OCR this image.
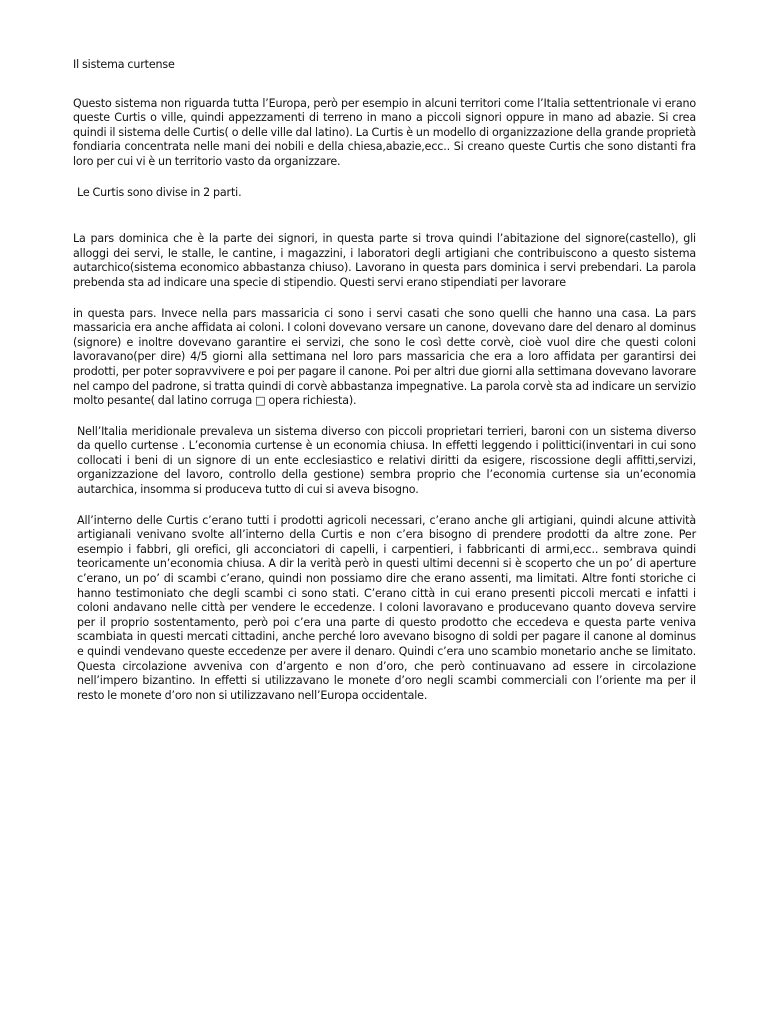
Il sistema curtense

Questo sistema non riguarda tutta l’Europa, però per esempio in alcuni territori come l’Italia settentrionale vi erano queste Curtis o ville, quindi appezzamenti di terreno in mano a piccoli signori oppure in mano ad abazie. Si crea quindi il sistema delle Curtis( o delle ville dal latino). La Curtis è un modello di organizzazione della grande proprietà fondiaria concentrata nelle mani dei nobili e della chiesa,abazie,ecc.. Si creano queste Curtis che sono distanti fra loro per cui vi è un territorio vasto da organizzare.

Le Curtis sono divise in 2 parti.

La pars dominica che è la parte dei signori, in questa parte si trova quindi l’abitazione del signore(castello), gli alloggi dei servi, le stalle, le cantine, i magazzini, i laboratori degli artigiani che contribuiscono a questo sistema autarchico(sistema economico abbastanza chiuso). Lavorano in questa pars dominica i servi prebendari. La parola prebenda sta ad indicare una specie di stipendio. Questi servi erano stipendiati per lavorare

in questa pars. Invece nella pars massaricia ci sono i servi casati che sono quelli che hanno una casa. La pars massaricia era anche affidata ai coloni. I coloni dovevano versare un canone, dovevano dare del denaro al dominus (signore) e inoltre dovevano garantire ei servizi, che sono le così dette corvè, cioè vuol dire che questi coloni lavoravano(per dire) 4/5 giorni alla settimana nel loro pars massaricia che era a loro affidata per garantirsi dei prodotti, per poter sopravvivere e poi per pagare il canone. Poi per altri due giorni alla settimana dovevano lavorare nel campo del padrone, si tratta quindi di corvè abbastanza impegnative. La parola corvè sta ad indicare un servizio molto pesante( dal latino corruga □ opera richiesta).

Nell’Italia meridionale prevaleva un sistema diverso con piccoli proprietari terrieri, baroni con un sistema diverso da quello curtense . L’economia curtense è un economia chiusa. In effetti leggendo i polittici(inventari in cui sono collocati i beni di un signore di un ente ecclesiastico e relativi diritti da esigere, riscossione degli affitti,servizi, organizzazione del lavoro, controllo della gestione) sembra proprio che l’economia curtense sia un’economia autarchica, insomma si produceva tutto di cui si aveva bisogno.

All’interno delle Curtis c’erano tutti i prodotti agricoli necessari, c’erano anche gli artigiani, quindi alcune attività artigianali venivano svolte all’interno della Curtis e non c’era bisogno di prendere prodotti da altre zone. Per esempio i fabbri, gli orefici, gli acconciatori di capelli, i carpentieri, i fabbricanti di armi,ecc.. sembrava quindi teoricamente un’economia chiusa. A dir la verità però in questi ultimi decenni si è scoperto che un po’ di aperture c’erano, un po’ di scambi c’erano, quindi non possiamo dire che erano assenti, ma limitati. Altre fonti storiche ci hanno testimoniato che degli scambi ci sono stati. C’erano città in cui erano presenti piccoli mercati e infatti i coloni andavano nelle città per vendere le eccedenze. I coloni lavoravano e producevano quanto doveva servire per il proprio sostentamento, però poi c’era una parte di questo prodotto che eccedeva e questa parte veniva scambiata in questi mercati cittadini, anche perché loro avevano bisogno di soldi per pagare il canone al dominus e quindi vendevano queste eccedenze per avere il denaro. Quindi c’era uno scambio monetario anche se limitato. Questa circolazione avveniva con d’argento e non d’oro, che però continuavano ad essere in circolazione nell’impero bizantino. In effetti si utilizzavano le monete d’oro negli scambi commerciali con l’oriente ma per il resto le monete d’oro non si utilizzavano nell’Europa occidentale.
